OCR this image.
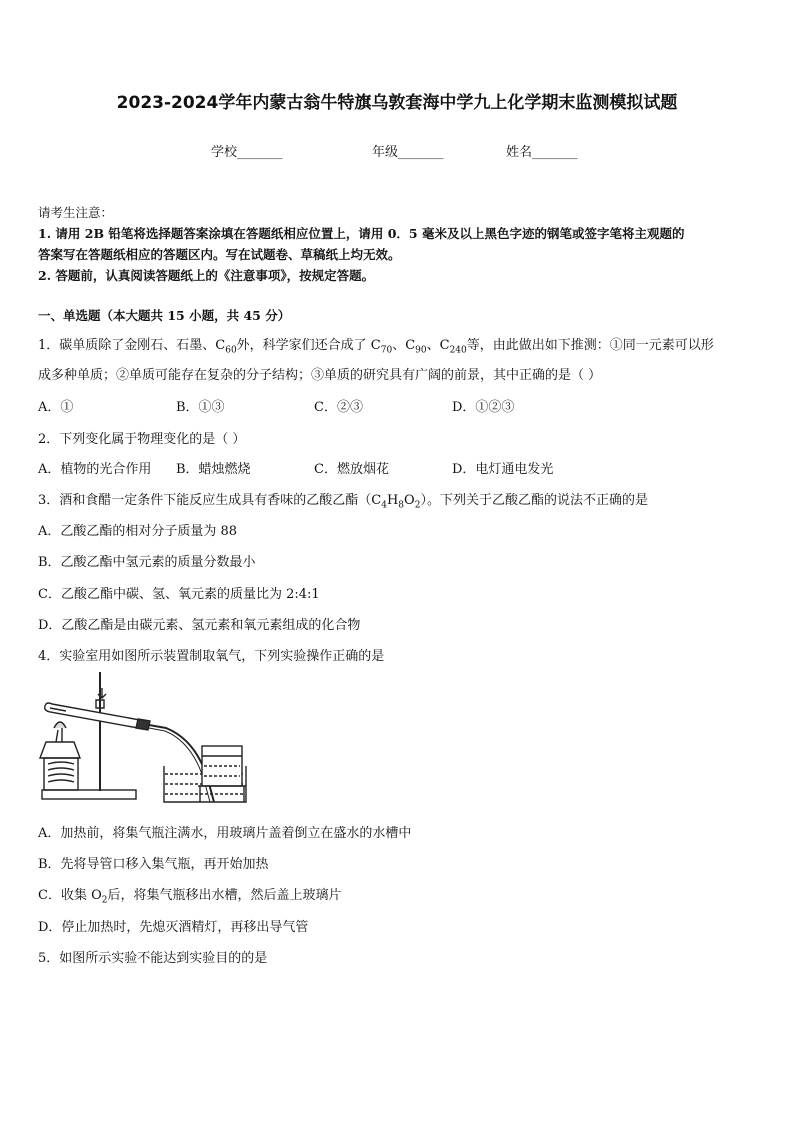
2023-2024学年内蒙古翁牛特旗乌敦套海中学九上化学期末监测模拟试题
学校_______	年级_______	姓名_______
请考生注意：
1. 请用 2B 铅笔将选择题答案涂填在答题纸相应位置上，请用 0．5 毫米及以上黑色字迹的钢笔或签字笔将主观题的
答案写在答题纸相应的答题区内。写在试题卷、草稿纸上均无效。
2. 答题前，认真阅读答题纸上的《注意事项》，按规定答题。
一、单选题（本大题共 15 小题，共 45 分）
1．碳单质除了金刚石、石墨、$C_{60}$外，科学家们还合成了 $C_{70}$、$C_{90}$、$C_{240}$等，由此做出如下推测：①同一元素可以形
成多种单质；②单质可能存在复杂的分子结构；③单质的研究具有广阔的前景，其中正确的是（ ）
A．①	B．①③	C．②③	D．①②③
2．下列变化属于物理变化的是（ ）
A．植物的光合作用 B．蜡烛燃烧	C．燃放烟花	D．电灯通电发光
3．酒和食醋一定条件下能反应生成具有香味的乙酸乙酯$(C_4H_8O_2)$。下列关于乙酸乙酯的说法不正确的是
A．乙酸乙酯的相对分子质量为 88
B．乙酸乙酯中氢元素的质量分数最小
C．乙酸乙酯中碳、氢、氧元素的质量比为 2:4:1
D．乙酸乙酯是由碳元素、氢元素和氧元素组成的化合物
4．实验室用如图所示装置制取氧气，下列实验操作正确的是
A．加热前，将集气瓶注满水，用玻璃片盖着倒立在盛水的水槽中
B．先将导管口移入集气瓶，再开始加热
C．收集 $O_2$后，将集气瓶移出水槽，然后盖上玻璃片
D．停止加热时，先熄灭酒精灯，再移出导气管
5．如图所示实验不能达到实验目的的是
